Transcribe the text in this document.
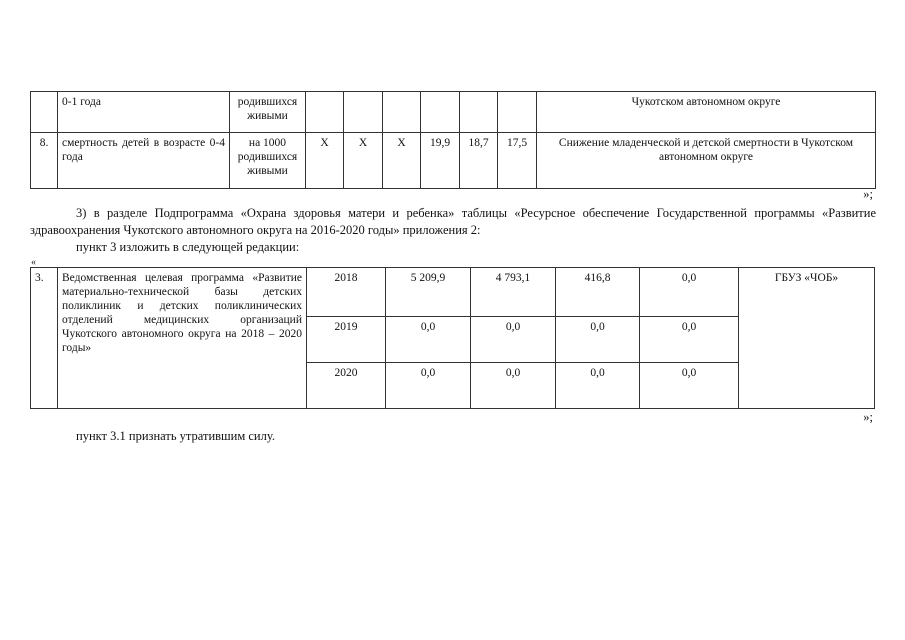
	0-1 года	родившихся живыми							Чукотском автономном округе
8.	смертность детей в возрасте 0-4 года	на 1000 родившихся живыми	X	X	X	19,9	18,7	17,5	Снижение младенческой и детской смертности в Чукотском автономном округе
»;
3) в разделе Подпрограмма «Охрана здоровья матери и ребенка» таблицы «Ресурсное обеспечение Государственной программы «Развитие здравоохранения Чукотского автономного округа на 2016-2020 годы» приложения 2:
пункт 3 изложить в следующей редакции:
«
3.	Ведомственная целевая программа «Развитие материально-технической базы детских поликлиник и детских поликлинических отделений медицинских организаций Чукотского автономного округа на 2018 – 2020 годы»	2018	5 209,9	4 793,1	416,8	0,0	ГБУЗ «ЧОБ»
		2019	0,0	0,0	0,0	0,0	
		2020	0,0	0,0	0,0	0,0	
»;
пункт 3.1 признать утратившим силу.
